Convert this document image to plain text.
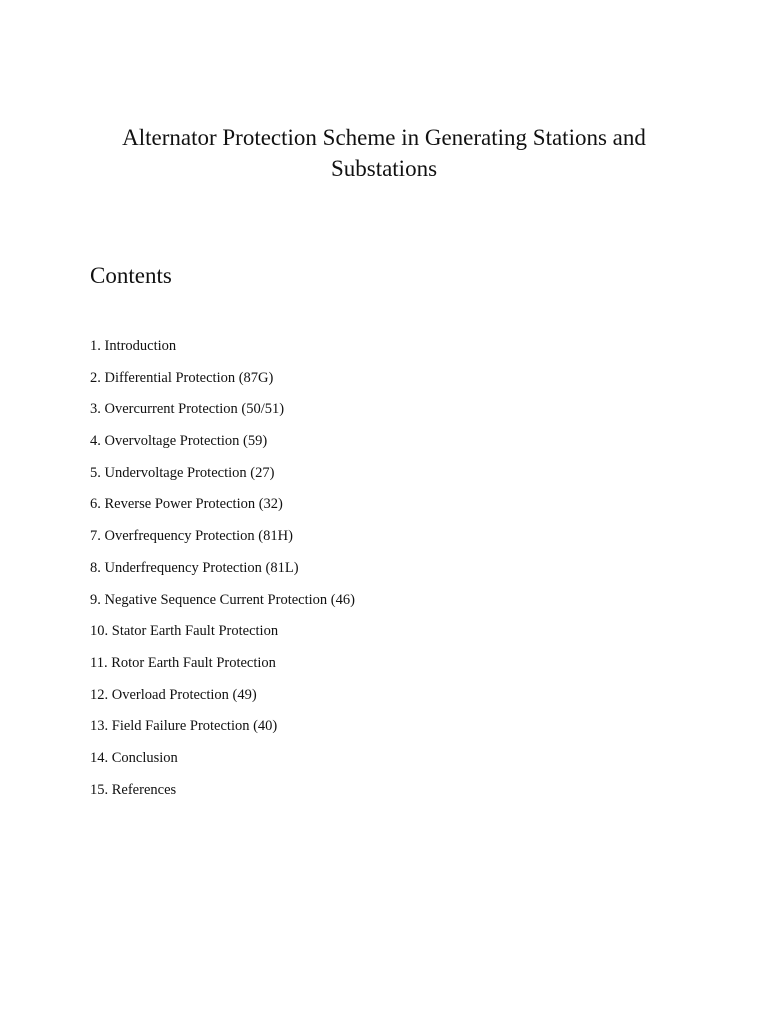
Alternator Protection Scheme in Generating Stations and Substations
Contents
1. Introduction
2. Differential Protection (87G)
3. Overcurrent Protection (50/51)
4. Overvoltage Protection (59)
5. Undervoltage Protection (27)
6. Reverse Power Protection (32)
7. Overfrequency Protection (81H)
8. Underfrequency Protection (81L)
9. Negative Sequence Current Protection (46)
10. Stator Earth Fault Protection
11. Rotor Earth Fault Protection
12. Overload Protection (49)
13. Field Failure Protection (40)
14. Conclusion
15. References
